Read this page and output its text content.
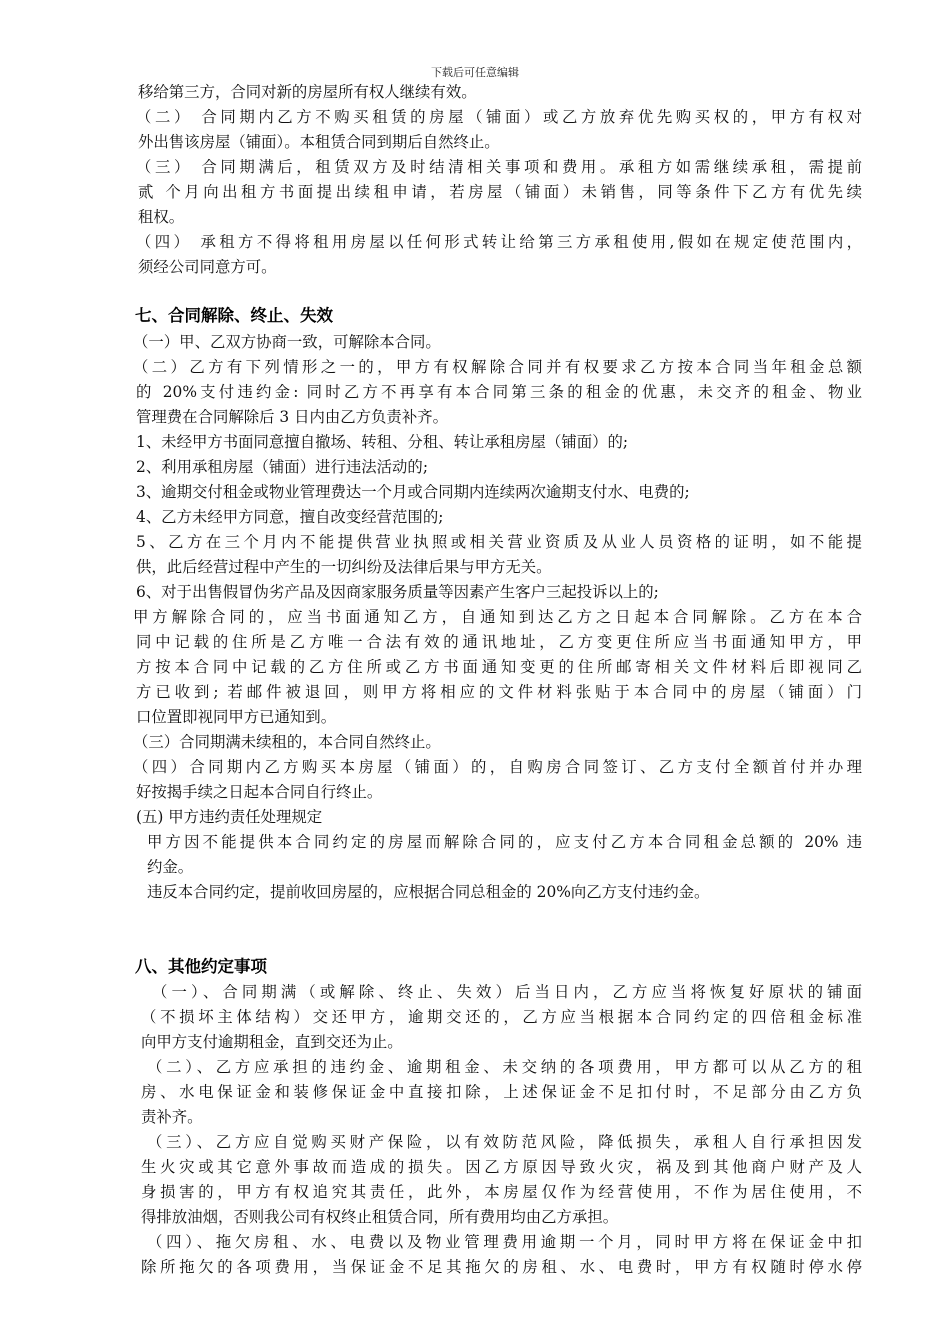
下载后可任意编辑
移给第三方，合同对新的房屋所有权人继续有效。
（二） 合同期内乙方不购买租赁的房屋（铺面）或乙方放弃优先购买权的，甲方有权对
外出售该房屋（铺面）。本租赁合同到期后自然终止。
（三） 合同期满后，租赁双方及时结清相关事项和费用。承租方如需继续承租，需提前
贰 个月向出租方书面提出续租申请，若房屋（铺面）未销售，同等条件下乙方有优先续
租权。
（四） 承租方不得将租用房屋以任何形式转让给第三方承租使用,假如在规定使范围内，
须经公司同意方可。
七、合同解除、终止、失效
（一）甲、乙双方协商一致，可解除本合同。
（二）乙方有下列情形之一的，甲方有权解除合同并有权要求乙方按本合同当年租金总额
的 20%支付违约金: 同时乙方不再享有本合同第三条的租金的优惠，未交齐的租金、物业
管理费在合同解除后 3 日内由乙方负责补齐。
1、未经甲方书面同意擅自撤场、转租、分租、转让承租房屋（铺面）的;
2、利用承租房屋（铺面）进行违法活动的;
3、逾期交付租金或物业管理费达一个月或合同期内连续两次逾期支付水、电费的;
4、乙方未经甲方同意，擅自改变经营范围的;
5、乙方在三个月内不能提供营业执照或相关营业资质及从业人员资格的证明，如不能提
供，此后经营过程中产生的一切纠纷及法律后果与甲方无关。
6、对于出售假冒伪劣产品及因商家服务质量等因素产生客户三起投诉以上的;
甲方解除合同的，应当书面通知乙方，自通知到达乙方之日起本合同解除。乙方在本合
同中记载的住所是乙方唯一合法有效的通讯地址，乙方变更住所应当书面通知甲方，甲
方按本合同中记载的乙方住所或乙方书面通知变更的住所邮寄相关文件材料后即视同乙
方已收到; 若邮件被退回，则甲方将相应的文件材料张贴于本合同中的房屋（铺面）门
口位置即视同甲方已通知到。
（三）合同期满未续租的，本合同自然终止。
（四）合同期内乙方购买本房屋（铺面）的，自购房合同签订、乙方支付全额首付并办理
好按揭手续之日起本合同自行终止。
(五) 甲方违约责任处理规定
甲方因不能提供本合同约定的房屋而解除合同的，应支付乙方本合同租金总额的 20% 违
约金。
违反本合同约定，提前收回房屋的，应根据合同总租金的 20%向乙方支付违约金。
八、其他约定事项
（一）、合同期满（或解除、终止、失效）后当日内，乙方应当将恢复好原状的铺面
（不损坏主体结构）交还甲方，逾期交还的，乙方应当根据本合同约定的四倍租金标准
向甲方支付逾期租金，直到交还为止。
（二）、乙方应承担的违约金、逾期租金、未交纳的各项费用，甲方都可以从乙方的租
房、水电保证金和装修保证金中直接扣除，上述保证金不足扣付时，不足部分由乙方负
责补齐。
（三）、乙方应自觉购买财产保险，以有效防范风险，降低损失，承租人自行承担因发
生火灾或其它意外事故而造成的损失。因乙方原因导致火灾，祸及到其他商户财产及人
身损害的，甲方有权追究其责任，此外，本房屋仅作为经营使用，不作为居住使用，不
得排放油烟，否则我公司有权终止租赁合同，所有费用均由乙方承担。
（四）、拖欠房租、水、电费以及物业管理费用逾期一个月，同时甲方将在保证金中扣
除所拖欠的各项费用，当保证金不足其拖欠的房租、水、电费时，甲方有权随时停水停
